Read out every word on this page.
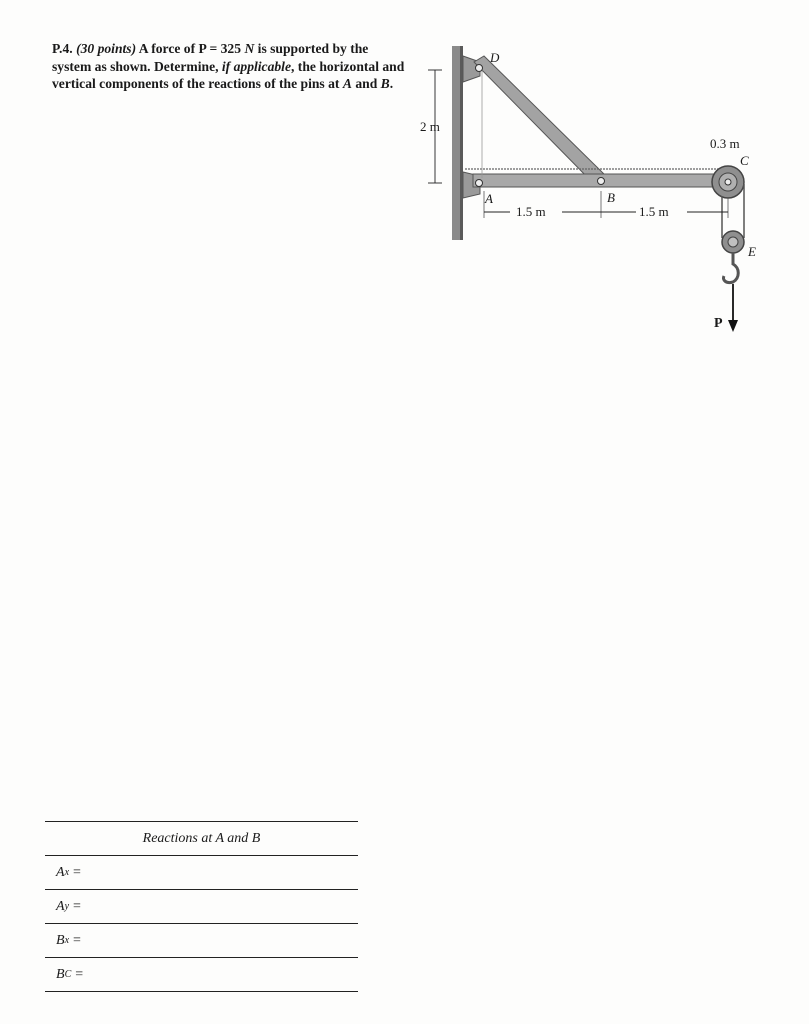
P.4. (30 points) A force of P = 325 N is supported by the system as shown. Determine, if applicable, the horizontal and vertical components of the reactions of the pins at A and B.
2 m
1.5 m	1.5 m
D
A	B
0.3 m
C
E
P
Reactions at A and B
A x =
A y =
B x =
B C =
